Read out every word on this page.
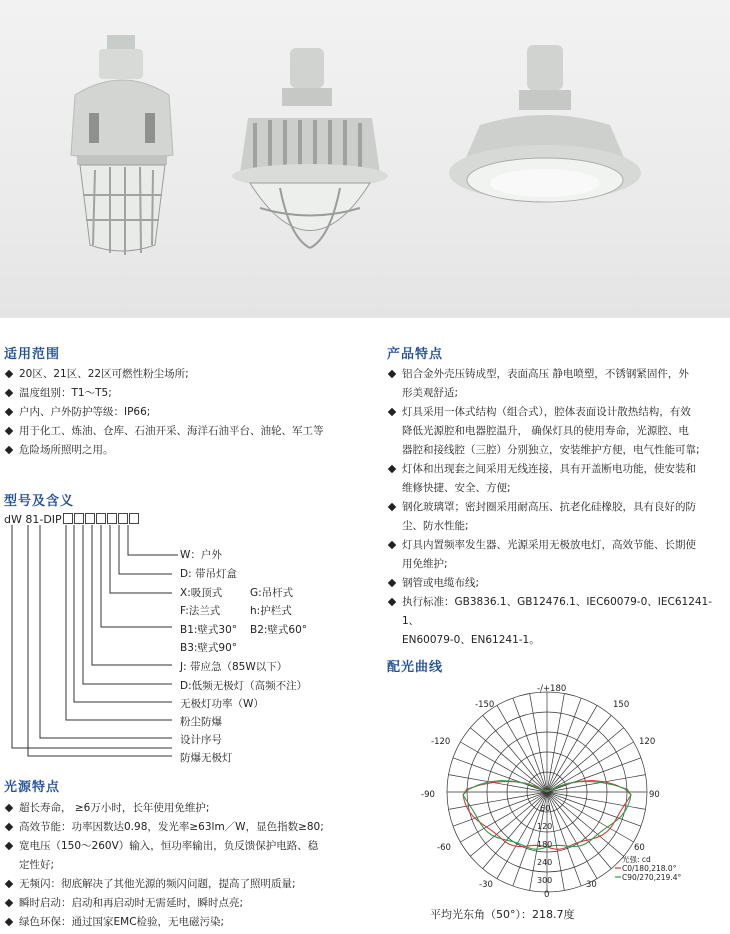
适用范围
20区、21区、22区可燃性粉尘场所;
温度组别：T1～T5;
户内、户外防护等级：IP66;
用于化工、炼油、仓库、石油开采、海洋石油平台、油轮、军工等
危险场所照明之用。
型号及含义
dW 81-DIP
W：户外
D: 带吊灯盒
X:吸顶式	G:吊杆式
F:法兰式	h:护栏式
B1:壁式30° B2:壁式60°
B3:壁式90°
J: 带应急（85W以下）
D:低频无极灯（高频不注）
无极灯功率（W）
粉尘防爆
设计序号
防爆无极灯
光源特点
超长寿命， ≥6万小时，长年使用免维护;
高效节能：功率因数达0.98，发光率≥63lm／W，显色指数≥80;
宽电压（150～260V）输入，恒功率输出，负反馈保护电路、稳
定性好;
无频闪：彻底解决了其他光源的频闪问题，提高了照明质量;
瞬时启动：启动和再启动时无需延时，瞬时点亮;
绿色环保：通过国家EMC检验，无电磁污染;
产品特点
铝合金外壳压铸成型，表面高压 静电喷塑，不锈钢紧固件，外
形美观舒适;
灯具采用一体式结构（组合式），腔体表面设计散热结构，有效
降低光源腔和电器腔温升， 确保灯具的使用寿命，光源腔、电
器腔和接线腔（三腔）分别独立，安装维护方便，电气性能可靠;
灯体和出现套之间采用无线连接，具有开盖断电功能，使安装和
维修快捷、安全、方便;
钢化玻璃罩；密封圈采用耐高压、抗老化硅橡胶，具有良好的防
尘、防水性能;
灯具内置频率发生器、光源采用无极放电灯，高效节能、长期使
用免维护;
钢管或电缆布线;
执行标准：GB3836.1、GB12476.1、IEC60079-0、IEC61241-1、
EN60079-0、EN61241-1。
配光曲线
-/+180
-150	150
-120	120
-90	90
-60	60
-30	30
0
60
120
180
240
300
光强: cd
C0/180,218.0°
C90/270,219.4°
平均光东角（50°）：218.7度
